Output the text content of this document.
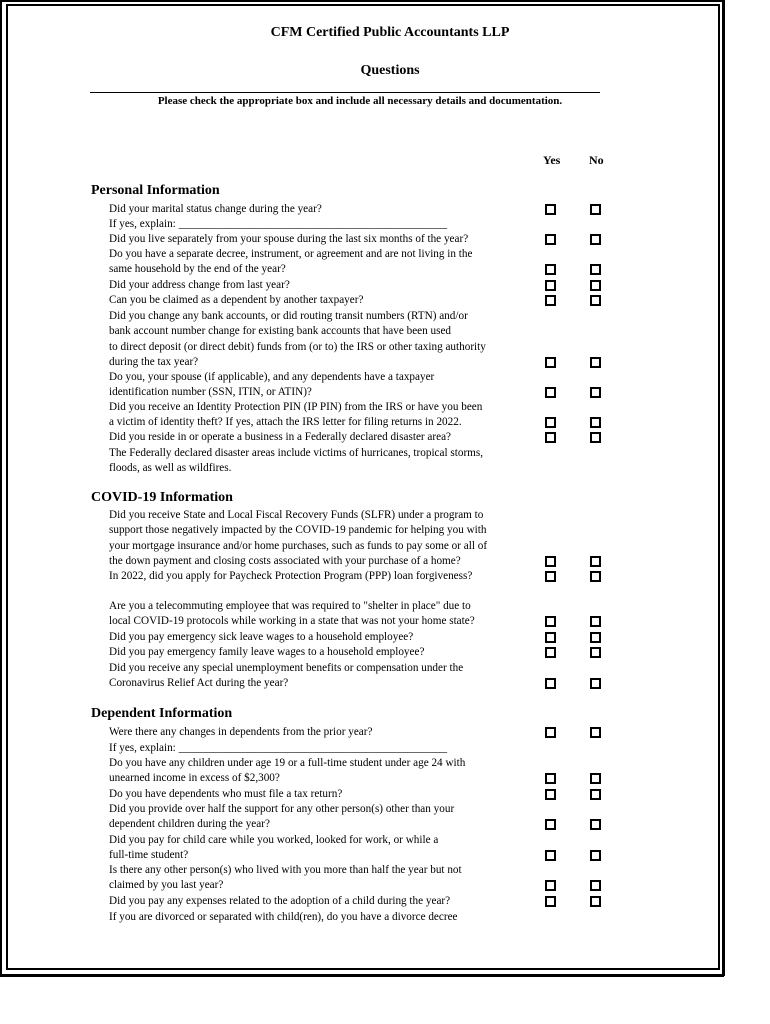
CFM Certified Public Accountants LLP
Questions
Please check the appropriate box and include all necessary details and documentation.
Yes No
Personal Information
Did your marital status change during the year?
If yes, explain: ________________________________________________
Did you live separately from your spouse during the last six months of the year?
Do you have a separate decree, instrument, or agreement and are not living in the
same household by the end of the year?
Did your address change from last year?
Can you be claimed as a dependent by another taxpayer?
Did you change any bank accounts, or did routing transit numbers (RTN) and/or
bank account number change for existing bank accounts that have been used
to direct deposit (or direct debit) funds from (or to) the IRS or other taxing authority
during the tax year?
Do you, your spouse (if applicable), and any dependents have a taxpayer
identification number (SSN, ITIN, or ATIN)?
Did you receive an Identity Protection PIN (IP PIN) from the IRS or have you been
a victim of identity theft? If yes, attach the IRS letter for filing returns in 2022.
Did you reside in or operate a business in a Federally declared disaster area?
The Federally declared disaster areas include victims of hurricanes, tropical storms,
floods, as well as wildfires.
COVID-19 Information
Did you receive State and Local Fiscal Recovery Funds (SLFR) under a program to
support those negatively impacted by the COVID-19 pandemic for helping you with
your mortgage insurance and/or home purchases, such as funds to pay some or all of
the down payment and closing costs associated with your purchase of a home?
In 2022, did you apply for Paycheck Protection Program (PPP) loan forgiveness?
Are you a telecommuting employee that was required to "shelter in place" due to
local COVID-19 protocols while working in a state that was not your home state?
Did you pay emergency sick leave wages to a household employee?
Did you pay emergency family leave wages to a household employee?
Did you receive any special unemployment benefits or compensation under the
Coronavirus Relief Act during the year?
Dependent Information
Were there any changes in dependents from the prior year?
If yes, explain: ________________________________________________
Do you have any children under age 19 or a full-time student under age 24 with
unearned income in excess of $2,300?
Do you have dependents who must file a tax return?
Did you provide over half the support for any other person(s) other than your
dependent children during the year?
Did you pay for child care while you worked, looked for work, or while a
full-time student?
Is there any other person(s) who lived with you more than half the year but not
claimed by you last year?
Did you pay any expenses related to the adoption of a child during the year?
If you are divorced or separated with child(ren), do you have a divorce decree
